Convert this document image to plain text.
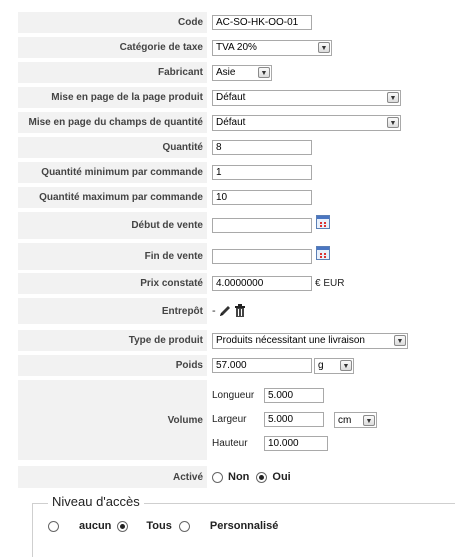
Code	AC-SO-HK-OO-01
Catégorie de taxe	TVA 20%	▼
Fabricant	Asie	▼
Mise en page de la page produit	Défaut	▼
Mise en page du champs de quantité	Défaut	▼
Quantité	8
Quantité minimum par commande	1
Quantité maximum par commande	10
Début de vente
Fin de vente
Prix constaté	4.0000000	€ EUR
Entrepôt -
Type de produit	Produits nécessitant une livraison	▼
Poids	57.000	g	▼
Volume
Longueur	5.000
Largeur	5.000	cm	▼
Hauteur	10.000
Activé	Non Oui
Niveau d'accès
aucun	Tous	Personnalisé
